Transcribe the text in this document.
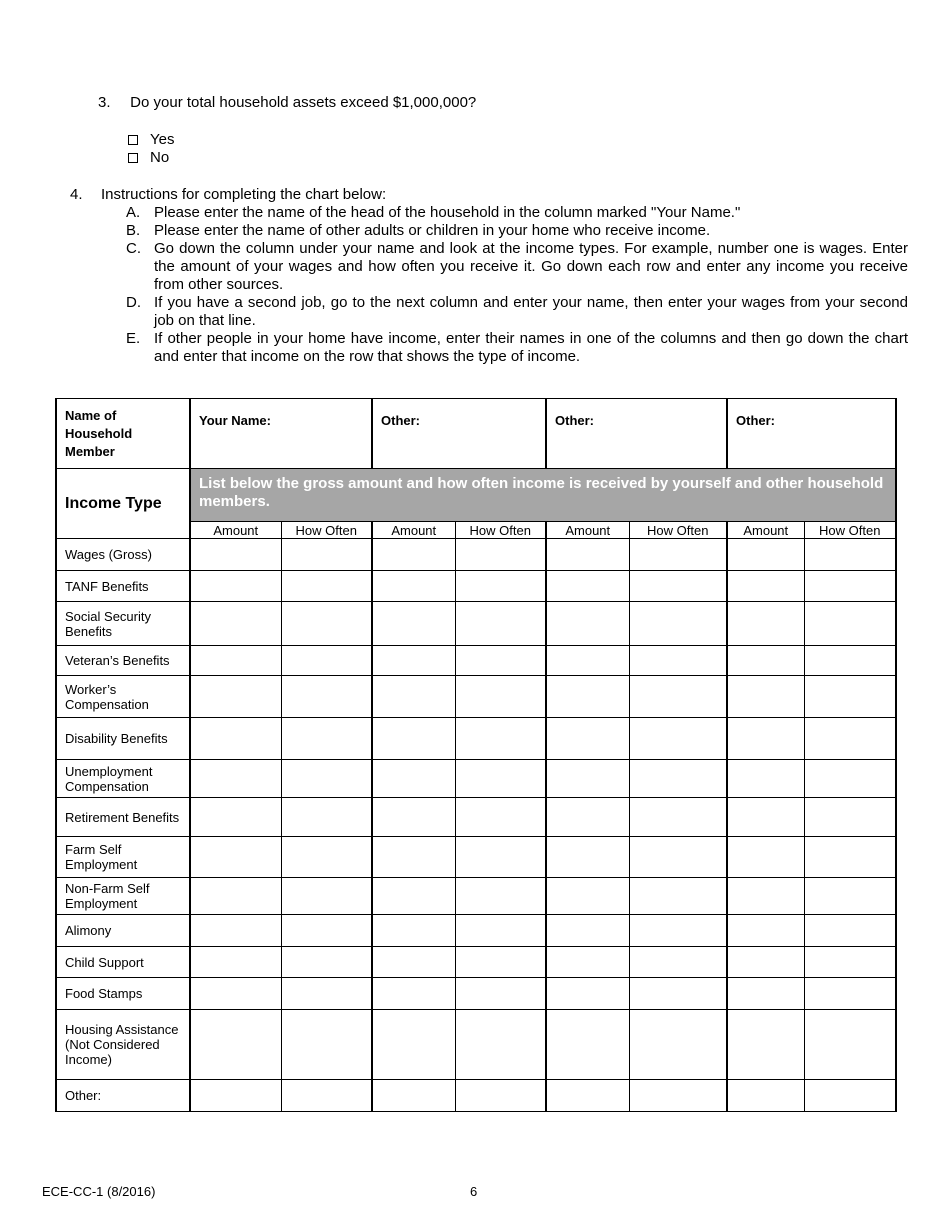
3. Do your total household assets exceed $1,000,000?
Yes
No
4. Instructions for completing the chart below:
A. Please enter the name of the head of the household in the column marked "Your Name."
B. Please enter the name of other adults or children in your home who receive income.
C. Go down the column under your name and look at the income types. For example, number one is wages. Enter the amount of your wages and how often you receive it. Go down each row and enter any income you receive from other sources.
D. If you have a second job, go to the next column and enter your name, then enter your wages from your second job on that line.
E. If other people in your home have income, enter their names in one of the columns and then go down the chart and enter that income on the row that shows the type of income.
Name of Household Member	Your Name:		Other:		Other:		Other:	
Income Type	List below the gross amount and how often income is received by yourself and other household members.							
	Amount	How Often	Amount	How Often	Amount	How Often	Amount	How Often
Wages (Gross)								
TANF Benefits								
Social Security Benefits								
Veteran’s Benefits								
Worker’s Compensation								
Disability Benefits								
Unemployment Compensation								
Retirement Benefits								
Farm Self Employment								
Non-Farm Self Employment								
Alimony								
Child Support								
Food Stamps								
Housing Assistance (Not Considered Income)								
Other:								
ECE-CC-1 (8/2016)	6
